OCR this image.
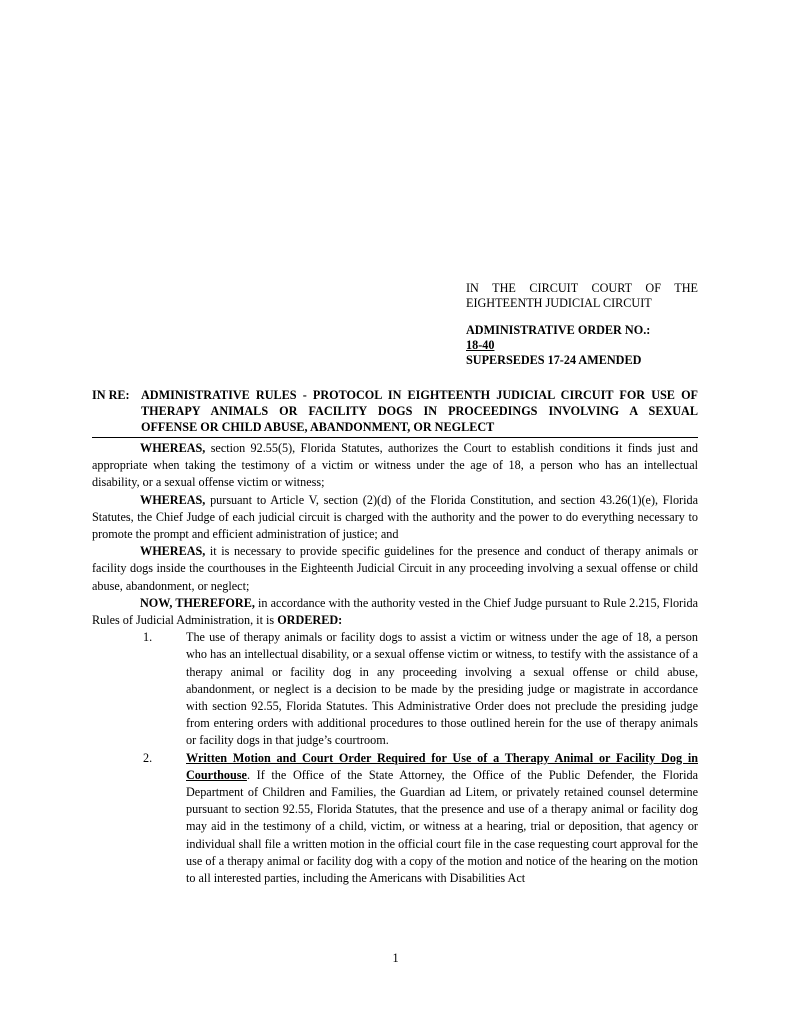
IN THE CIRCUIT COURT OF THE
EIGHTEENTH JUDICIAL CIRCUIT
ADMINISTRATIVE ORDER NO.:
18-40
SUPERSEDES 17-24 AMENDED
IN RE: ADMINISTRATIVE RULES - PROTOCOL IN EIGHTEENTH JUDICIAL CIRCUIT FOR USE OF
THERAPY ANIMALS OR FACILITY DOGS IN PROCEEDINGS INVOLVING A SEXUAL
OFFENSE OR CHILD ABUSE, ABANDONMENT, OR NEGLECT

WHEREAS, section 92.55(5), Florida Statutes, authorizes the Court to establish conditions it finds just and appropriate when taking the testimony of a victim or witness under the age of 18, a person who has an intellectual disability, or a sexual offense victim or witness;

WHEREAS, pursuant to Article V, section (2)(d) of the Florida Constitution, and section 43.26(1)(e), Florida Statutes, the Chief Judge of each judicial circuit is charged with the authority and the power to do everything necessary to promote the prompt and efficient administration of justice; and

WHEREAS, it is necessary to provide specific guidelines for the presence and conduct of therapy animals or facility dogs inside the courthouses in the Eighteenth Judicial Circuit in any proceeding involving a sexual offense or child abuse, abandonment, or neglect;

NOW, THEREFORE, in accordance with the authority vested in the Chief Judge pursuant to Rule 2.215, Florida Rules of Judicial Administration, it is ORDERED:

1.	The use of therapy animals or facility dogs to assist a victim or witness under the age of 18, a person who has an intellectual disability, or a sexual offense victim or witness, to testify with the assistance of a therapy animal or facility dog in any proceeding involving a sexual offense or child abuse, abandonment, or neglect is a decision to be made by the presiding judge or magistrate in accordance with section 92.55, Florida Statutes. This Administrative Order does not preclude the presiding judge from entering orders with additional procedures to those outlined herein for the use of therapy animals or facility dogs in that judge’s courtroom.
2.	Written Motion and Court Order Required for Use of a Therapy Animal or Facility Dog in Courthouse. If the Office of the State Attorney, the Office of the Public Defender, the Florida Department of Children and Families, the Guardian ad Litem, or privately retained counsel determine pursuant to section 92.55, Florida Statutes, that the presence and use of a therapy animal or facility dog may aid in the testimony of a child, victim, or witness at a hearing, trial or deposition, that agency or individual shall file a written motion in the official court file in the case requesting court approval for the use of a therapy animal or facility dog with a copy of the motion and notice of the hearing on the motion to all interested parties, including the Americans with Disabilities Act
1
